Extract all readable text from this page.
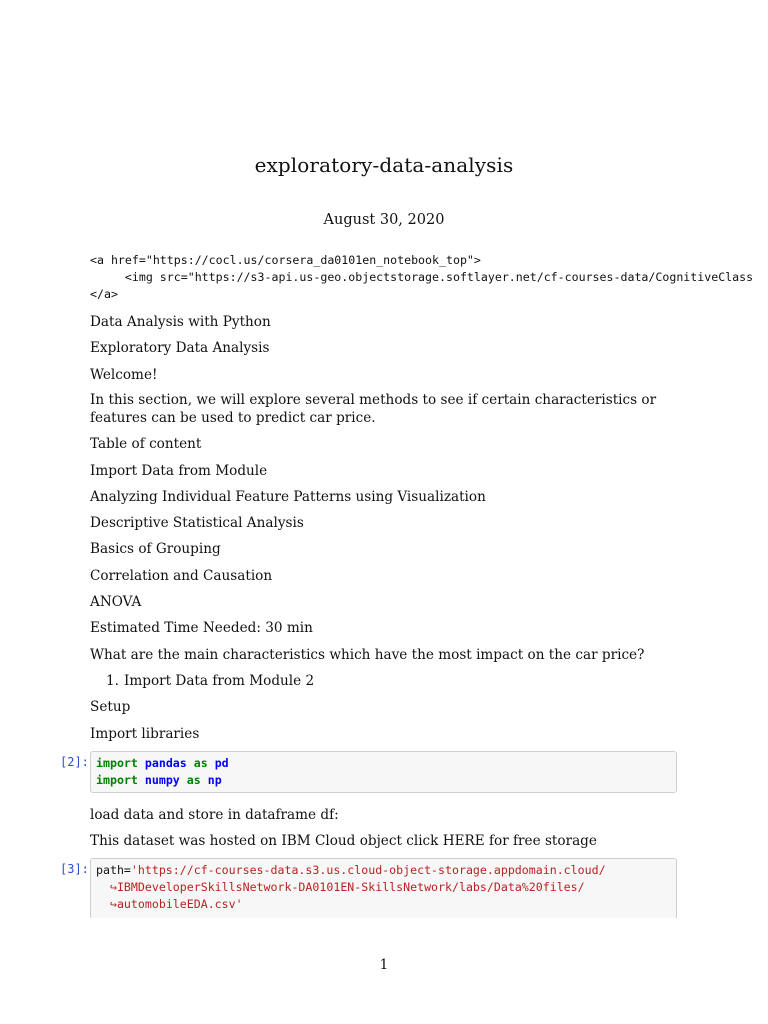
exploratory-data-analysis
August 30, 2020
<a href="https://cocl.us/corsera_da0101en_notebook_top">
<img src="https://s3-api.us-geo.objectstorage.softlayer.net/cf-courses-data/CognitiveClass
</a>
Data Analysis with Python
Exploratory Data Analysis
Welcome!
In this section, we will explore several methods to see if certain characteristics or features can be used to predict car price.
Table of content
Import Data from Module
Analyzing Individual Feature Patterns using Visualization
Descriptive Statistical Analysis
Basics of Grouping
Correlation and Causation
ANOVA
Estimated Time Needed: 30 min
What are the main characteristics which have the most impact on the car price?
1. Import Data from Module 2
Setup
Import libraries
[2]: import pandas as pd
import numpy as np
load data and store in dataframe df:
This dataset was hosted on IBM Cloud object click HERE for free storage
[3]: path='https://cf-courses-data.s3.us.cloud-object-storage.appdomain.cloud/
↪IBMDeveloperSkillsNetwork-DA0101EN-SkillsNetwork/labs/Data%20files/
↪automobileEDA.csv'
1
